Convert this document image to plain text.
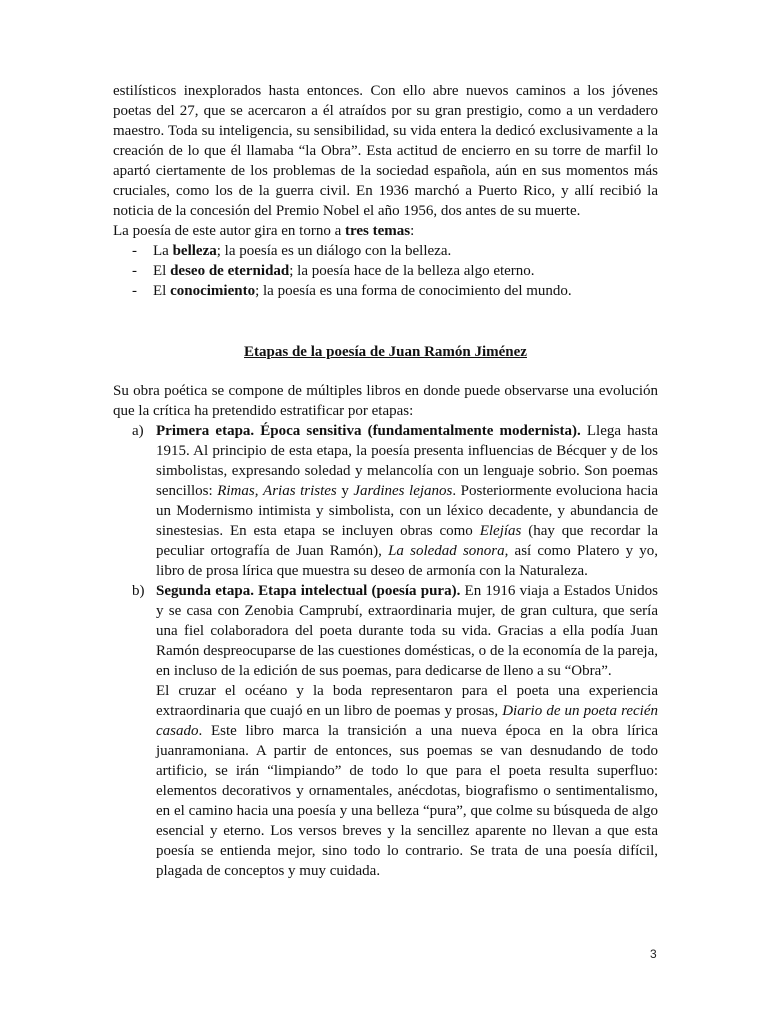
estilísticos inexplorados hasta entonces. Con ello abre nuevos caminos a los jóvenes poetas del 27, que se acercaron a él atraídos por su gran prestigio, como a un verdadero maestro. Toda su inteligencia, su sensibilidad, su vida entera la dedicó exclusivamente a la creación de lo que él llamaba “la Obra”. Esta actitud de encierro en su torre de marfil lo apartó ciertamente de los problemas de la sociedad española, aún en sus momentos más cruciales, como los de la guerra civil. En 1936 marchó a Puerto Rico, y allí recibió la noticia de la concesión del Premio Nobel el año 1956, dos antes de su muerte.

La poesía de este autor gira en torno a tres temas:

- La belleza; la poesía es un diálogo con la belleza.
- El deseo de eternidad; la poesía hace de la belleza algo eterno.
- El conocimiento; la poesía es una forma de conocimiento del mundo.
Etapas de la poesía de Juan Ramón Jiménez

Su obra poética se compone de múltiples libros en donde puede observarse una evolución que la crítica ha pretendido estratificar por etapas:

a) Primera etapa. Época sensitiva (fundamentalmente modernista). Llega hasta 1915. Al principio de esta etapa, la poesía presenta influencias de Bécquer y de los simbolistas, expresando soledad y melancolía con un lenguaje sobrio. Son poemas sencillos: Rimas, Arias tristes y Jardines lejanos. Posteriormente evoluciona hacia un Modernismo intimista y simbolista, con un léxico decadente, y abundancia de sinestesias. En esta etapa se incluyen obras como Elejías (hay que recordar la peculiar ortografía de Juan Ramón), La soledad sonora, así como Platero y yo, libro de prosa lírica que muestra su deseo de armonía con la Naturaleza.

b) Segunda etapa. Etapa intelectual (poesía pura). En 1916 viaja a Estados Unidos y se casa con Zenobia Camprubí, extraordinaria mujer, de gran cultura, que sería una fiel colaboradora del poeta durante toda su vida. Gracias a ella podía Juan Ramón despreocuparse de las cuestiones domésticas, o de la economía de la pareja, en incluso de la edición de sus poemas, para dedicarse de lleno a su “Obra”.

El cruzar el océano y la boda representaron para el poeta una experiencia extraordinaria que cuajó en un libro de poemas y prosas, Diario de un poeta recién casado. Este libro marca la transición a una nueva época en la obra lírica juanramoniana. A partir de entonces, sus poemas se van desnudando de todo artificio, se irán “limpiando” de todo lo que para el poeta resulta superfluo: elementos decorativos y ornamentales, anécdotas, biografismo o sentimentalismo, en el camino hacia una poesía y una belleza “pura”, que colme su búsqueda de algo esencial y eterno. Los versos breves y la sencillez aparente no llevan a que esta poesía se entienda mejor, sino todo lo contrario. Se trata de una poesía difícil, plagada de conceptos y muy cuidada.

3
